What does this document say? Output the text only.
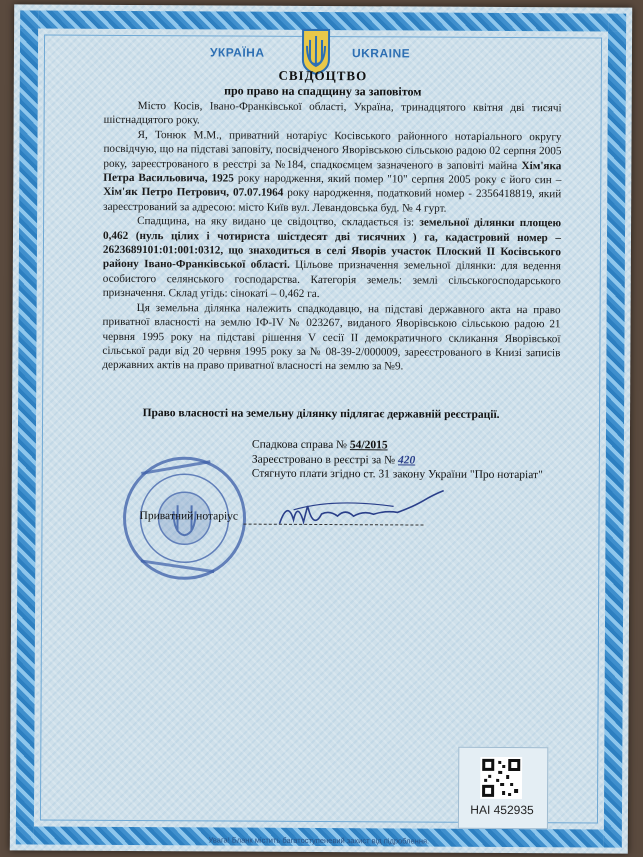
УКРАЇНА	UKRAINE
СВІДОЦТВО
про право на спадщину за заповітом

Місто Косів, Івано-Франківської області, Україна, тринадцятого квітня дві тисячі шістнадцятого року.

Я, Тонюк М.М., приватний нотаріус Косівського районного нотаріального округу посвідчую, що на підставі заповіту, посвідченого Яворівською сільською радою 02 серпня 2005 року, зареєстрованого в реєстрі за №184, спадкоємцем зазначеного в заповіті майна Хім'яка Петра Васильовича, 1925 року народження, який помер "10" серпня 2005 року є його син – Хім'як Петро Петрович, 07.07.1964 року народження, податковий номер - 2356418819, який зареєстрований за адресою: місто Київ вул. Левандовська буд. № 4 гурт.

Спадщина, на яку видано це свідоцтво, складається із: земельної ділянки площею 0,462 (нуль цілих і чотириста шістдесят дві тисячних ) га, кадастровий номер – 2623689101:01:001:0312, що знаходиться в селі Яворів участок Плоский ІІ Косівського району Івано-Франківської області. Цільове призначення земельної ділянки: для ведення особистого селянського господарства. Категорія земель: землі сільськогосподарського призначення. Склад угідь: сінокаті – 0,462 га.

Ця земельна ділянка належить спадкодавцю, на підставі державного акта на право приватної власності на землю ІФ-IV № 023267, виданого Яворівською сільською радою 21 червня 1995 року на підставі рішення V сесії ІІ демократичного скликання Яворівської сільської ради від 20 червня 1995 року за № 08-39-2/000009, зареєстрованого в Книзі записів державних актів на право приватної власності на землю за №9.

Право власності на земельну ділянку підлягає державній реєстрації.
Спадкова справа № 54/2015
Зареєстровано в реєстрі за № 420
Стягнуто плати згідно ст. 31 закону України "Про нотаріат"
Приватний нотаріус
НАІ 452935
Увага! Бланк містить багатоступеневий захист від підроблення.
